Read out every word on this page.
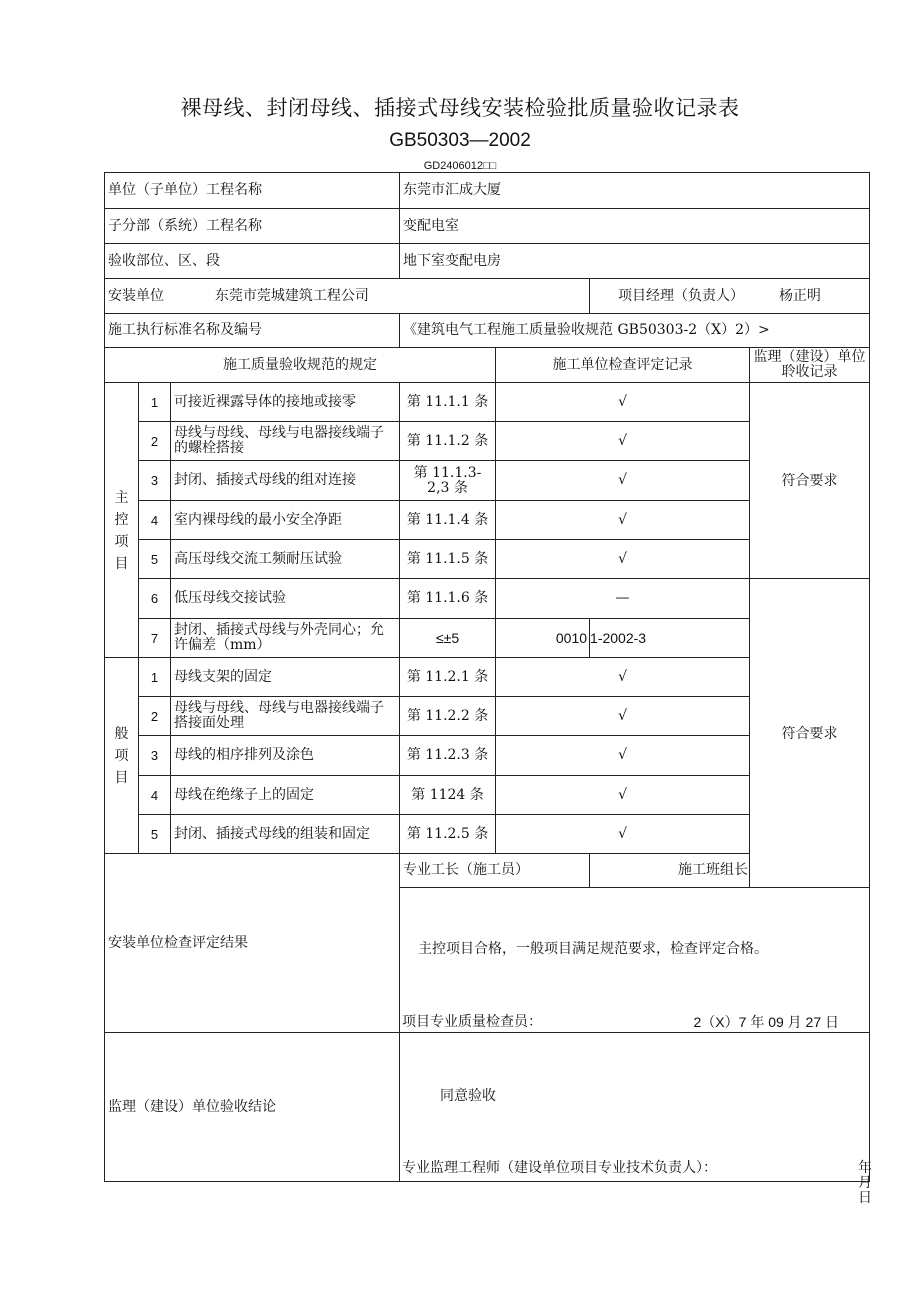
裸母线、封闭母线、插接式母线安装检验批质量验收记录表
GB50303—2002
GD2406012□□
单位（子单位）工程名称			东莞市汇成大厦				
子分部（系统）工程名称			变配电室				
验收部位、区、段			地下室变配电房				
安装单位 东莞市莞城建筑工程公司					项目经理（负责人） 杨正明		
施工执行标准名称及编号			《建筑电气工程施工质量验收规范 GB50303-2（X）2）>				
施工质量验收规范的规定				施工单位检查评定记录		监理（建设）单位聆收记录	
主控项目	1	可接近裸露导体的接地或接零	第 11.1.1 条	√		符合要求	
	2	母线与母线、母线与电器接线端子的螺栓搭接	第 11.1.2 条	√			
	3	封闭、插接式母线的组对连接	第 11.1.3-2,3 条	√			
	4	室内裸母线的最小安全净距	第 11.1.4 条	√			
	5	高压母线交流工频耐压试验	第 11.1.5 条	√			
	6	低压母线交接试验	第 11.1.6 条	—		符合要求	
	7	封闭、插接式母线与外壳同心；允许偏差（mm）	≤±5	0010	1-2002-3		
般项目	1	母线支架的固定	第 11.2.1 条	√			
	2	母线与母线、母线与电器接线端子搭接面处理	第 11.2.2 条	√			
	3	母线的相序排列及涂色	第 11.2.3 条	√			
	4	母线在绝缘子上的固定	第 1124 条	√			
	5	封闭、插接式母线的组装和固定	第 11.2.5 条	√			
安装单位检查评定结果			专业工长（施工员）		施工班组长		

			主控项目合格，一般项目满足规范要求，检查评定合格。
项目专业质量检查员： 2（X）7 年 09 月 27 日				

监理（建设）单位验收结论			同意验收
专业监理工程师（建设单位项目专业技术负责人）： 年月日				
